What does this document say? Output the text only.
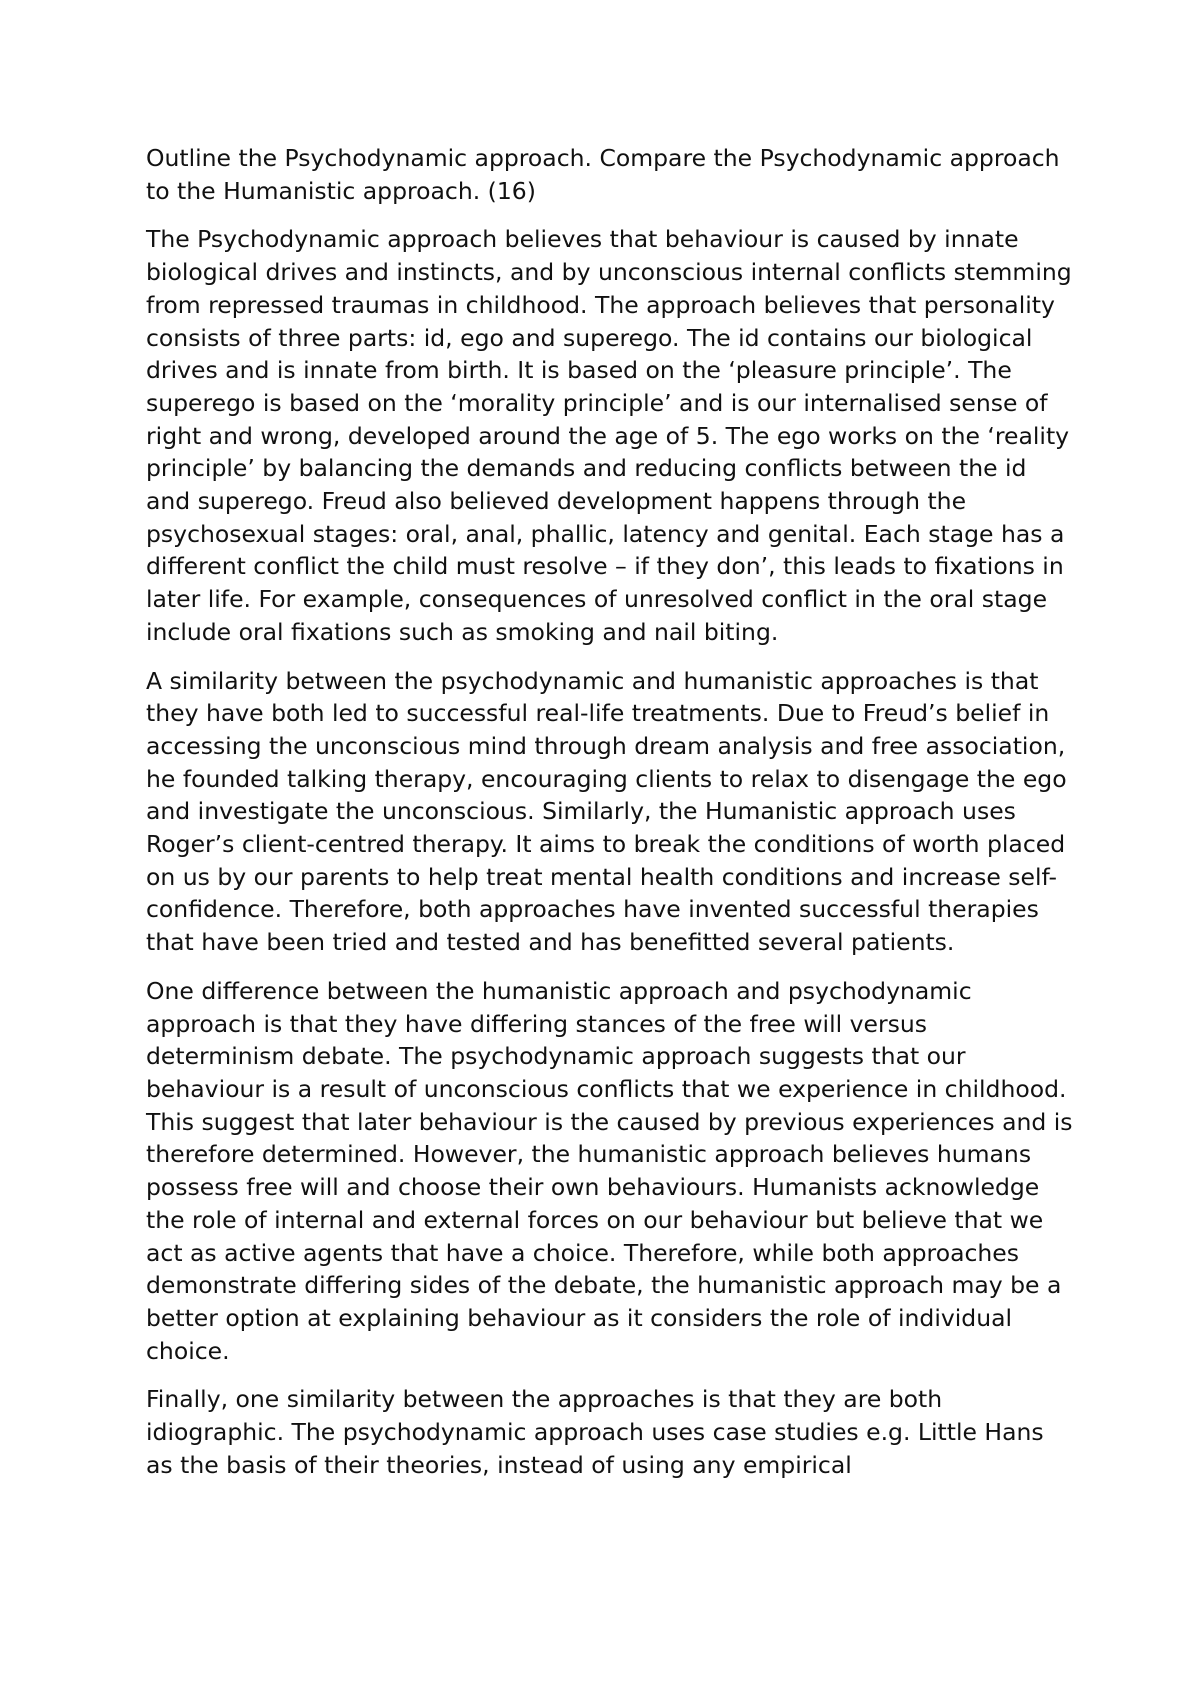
Outline the Psychodynamic approach. Compare the Psychodynamic approach to the Humanistic approach. (16)

The Psychodynamic approach believes that behaviour is caused by innate biological drives and instincts, and by unconscious internal conflicts stemming from repressed traumas in childhood. The approach believes that personality consists of three parts: id, ego and superego. The id contains our biological drives and is innate from birth. It is based on the ‘pleasure principle’. The superego is based on the ‘morality principle’ and is our internalised sense of right and wrong, developed around the age of 5. The ego works on the ‘reality principle’ by balancing the demands and reducing conflicts between the id and superego. Freud also believed development happens through the psychosexual stages: oral, anal, phallic, latency and genital. Each stage has a different conflict the child must resolve – if they don’, this leads to fixations in later life. For example, consequences of unresolved conflict in the oral stage include oral fixations such as smoking and nail biting.

A similarity between the psychodynamic and humanistic approaches is that they have both led to successful real-life treatments. Due to Freud’s belief in accessing the unconscious mind through dream analysis and free association, he founded talking therapy, encouraging clients to relax to disengage the ego and investigate the unconscious. Similarly, the Humanistic approach uses Roger’s client-centred therapy. It aims to break the conditions of worth placed on us by our parents to help treat mental health conditions and increase self-confidence. Therefore, both approaches have invented successful therapies that have been tried and tested and has benefitted several patients.

One difference between the humanistic approach and psychodynamic approach is that they have differing stances of the free will versus determinism debate. The psychodynamic approach suggests that our behaviour is a result of unconscious conflicts that we experience in childhood. This suggest that later behaviour is the caused by previous experiences and is therefore determined. However, the humanistic approach believes humans possess free will and choose their own behaviours. Humanists acknowledge the role of internal and external forces on our behaviour but believe that we act as active agents that have a choice. Therefore, while both approaches demonstrate differing sides of the debate, the humanistic approach may be a better option at explaining behaviour as it considers the role of individual choice.

Finally, one similarity between the approaches is that they are both idiographic. The psychodynamic approach uses case studies e.g. Little Hans as the basis of their theories, instead of using any empirical
